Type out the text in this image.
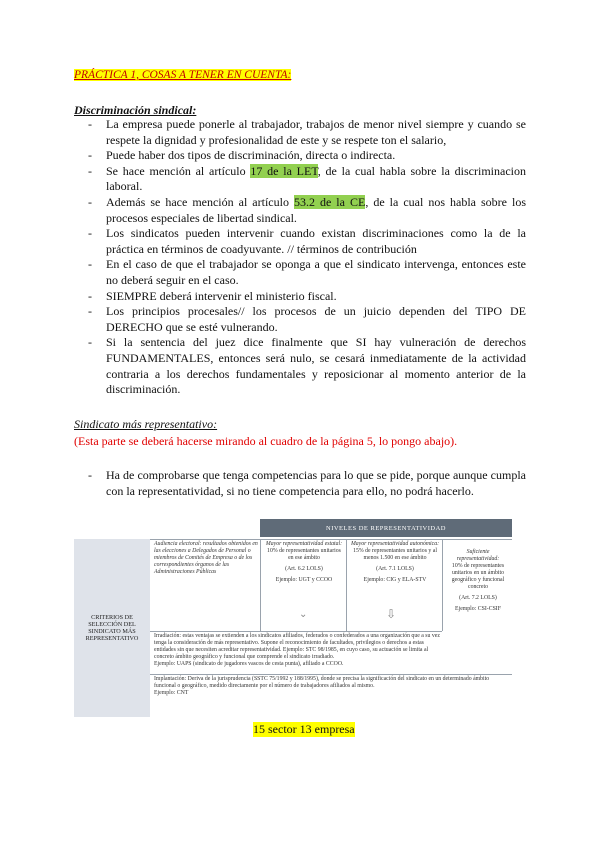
PRÁCTICA 1, COSAS A TENER EN CUENTA:
Discriminación sindical:
- La empresa puede ponerle al trabajador, trabajos de menor nivel siempre y cuando se respete la dignidad y profesionalidad de este y se respete ton el salario,
- Puede haber dos tipos de discriminación, directa o indirecta.
- Se hace mención al artículo 17 de la LET, de la cual habla sobre la discriminacion laboral.
- Además se hace mención al artículo 53.2 de la CE, de la cual nos habla sobre los procesos especiales de libertad sindical.
- Los sindicatos pueden intervenir cuando existan discriminaciones como la de la práctica en términos de coadyuvante. // términos de contribución
- En el caso de que el trabajador se oponga a que el sindicato intervenga, entonces este no deberá seguir en el caso.
- SIEMPRE deberá intervenir el ministerio fiscal.
- Los principios procesales// los procesos de un juicio dependen del TIPO DE DERECHO que se esté vulnerando.
- Si la sentencia del juez dice finalmente que SI hay vulneración de derechos FUNDAMENTALES, entonces será nulo, se cesará inmediatamente de la actividad contraria a los derechos fundamentales y reposicionar al momento anterior de la discriminación.
Sindicato más representativo:
(Esta parte se deberá hacerse mirando al cuadro de la página 5, lo pongo abajo).
- Ha de comprobarse que tenga competencias para lo que se pide, porque aunque cumpla con la representatividad, si no tiene competencia para ello, no podrá hacerlo.
NIVELES DE REPRESENTATIVIDAD
CRITERIOS DE SELECCIÓN DEL SINDICATO MÁS REPRESENTATIVO
Audiencia electoral: resultados obtenidos en las elecciones a Delegados de Personal o miembros de Comités de Empresa o de los correspondientes órganos de las Administraciones Públicas
Mayor representatividad estatal:
10% de representantes unitarios en ese ámbito
(Art. 6.2 LOLS)
Ejemplo: UGT y CCOO
Mayor representatividad autonómica:
15% de representantes unitarios y al menos 1.500 en ese ámbito
(Art. 7.1 LOLS)
Ejemplo: CIG y ELA-STV
Suficiente representatividad:
10% de representantes unitarios en un ámbito geográfico y funcional concreto
(Art. 7.2 LOLS)
Ejemplo: CSI-CSIF
⌄	⇩
Irradiación: estas ventajas se extienden a los sindicatos afiliados, federados o confederados a una organización que a su vez tenga la consideración de más representativo. Supone el reconocimiento de facultades, privilegios o derechos a estas entidades sin que necesiten acreditar representatividad. Ejemplo: STC 98/1985, en cuyo caso, su actuación se limita al concreto ámbito geográfico y funcional que comprende el sindicato irradiado.
Ejemplo: UAPS (sindicato de jugadores vascos de cesta punta), afiliado a CCOO.
Implantación: Deriva de la jurisprudencia (SSTC 75/1992 y 188/1995), donde se precisa la significación del sindicato en un determinado ámbito funcional o geográfico, medido directamente por el número de trabajadores afiliados al mismo.
Ejemplo: CNT
15 sector 13 empresa
